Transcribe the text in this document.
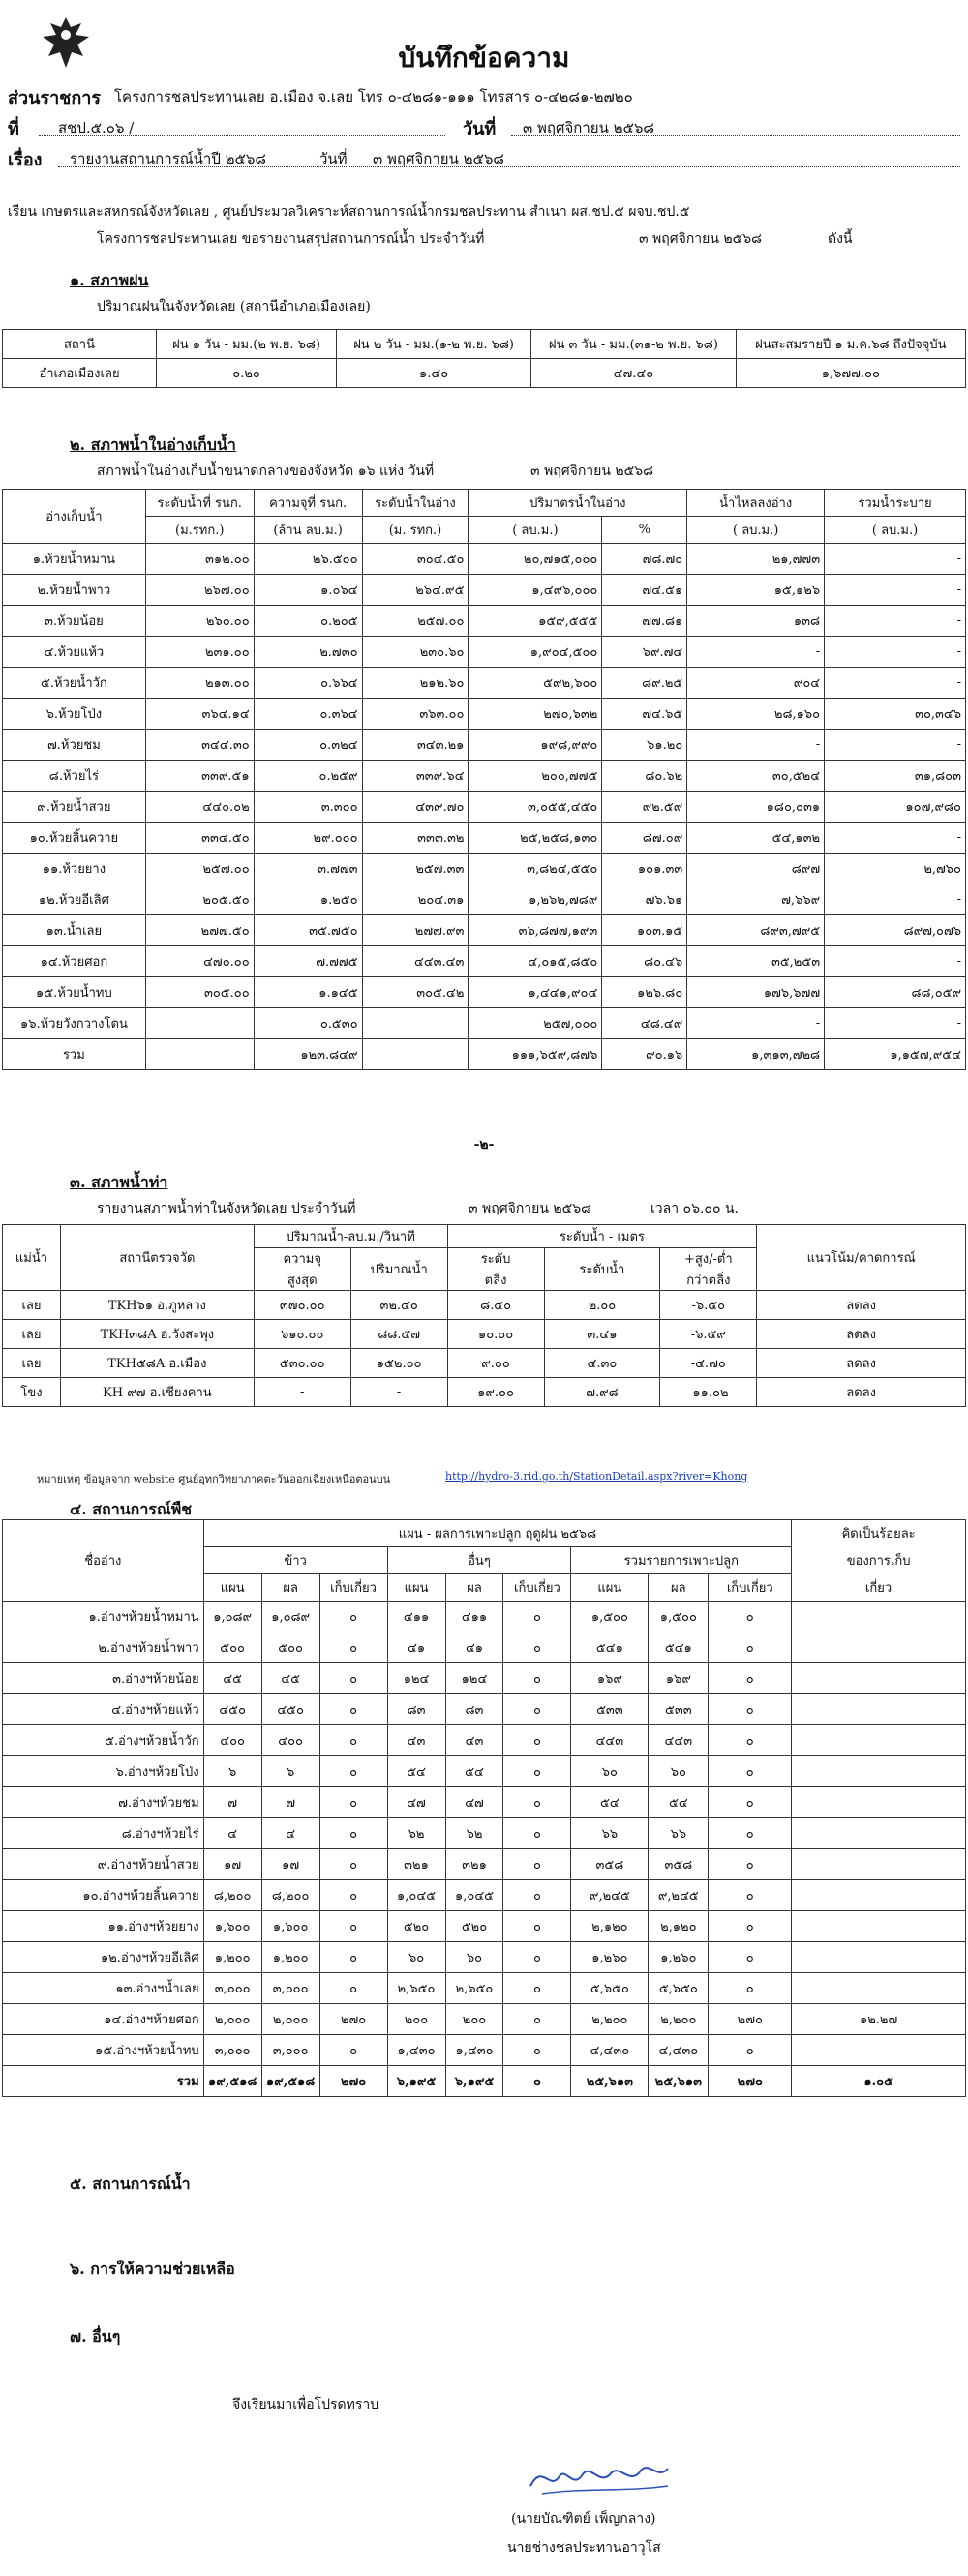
บันทึกข้อความ
ส่วนราชการ โครงการชลประทานเลย อ.เมือง จ.เลย โทร ๐-๔๒๘๑-๑๑๑ โทรสาร ๐-๔๒๘๑-๒๗๒๐
ที่	สชป.๕.๐๖ /	วันที่ ๓ พฤศจิกายน ๒๕๖๘
เรื่อง รายงานสถานการณ์น้ำปี ๒๕๖๘	วันที่ ๓ พฤศจิกายน ๒๕๖๘
เรียน เกษตรและสหกรณ์จังหวัดเลย , ศูนย์ประมวลวิเคราะห์สถานการณ์น้ำกรมชลประทาน สำเนา ผส.ชป.๕ ผจบ.ชป.๕
โครงการชลประทานเลย ขอรายงานสรุปสถานการณ์น้ำ ประจำวันที่	๓ พฤศจิกายน ๒๕๖๘	ดังนี้
๑. สภาพฝน
ปริมาณฝนในจังหวัดเลย (สถานีอำเภอเมืองเลย)
สถานี	ฝน ๑ วัน - มม.(๒ พ.ย. ๖๘)	ฝน ๒ วัน - มม.(๑-๒ พ.ย. ๖๘)	ฝน ๓ วัน - มม.(๓๑-๒ พ.ย. ๖๘)	ฝนสะสมรายปี ๑ ม.ค.๖๘ ถึงปัจจุบัน
อำเภอเมืองเลย	๐.๒๐	๑.๔๐	๔๗.๔๐	๑,๖๗๗.๐๐
๒. สภาพน้ำในอ่างเก็บน้ำ
สภาพน้ำในอ่างเก็บน้ำขนาดกลางของจังหวัด ๑๖ แห่ง วันที่	๓ พฤศจิกายน ๒๕๖๘
อ่างเก็บน้ำ	ระดับน้ำที่ รนก.	ความจุที่ รนก.	ระดับน้ำในอ่าง	ปริมาตรน้ำในอ่าง		น้ำไหลลงอ่าง	รวมน้ำระบาย
	(ม.รทก.)	(ล้าน ลบ.ม.)	(ม. รทก.)	( ลบ.ม.)	%	( ลบ.ม.)	( ลบ.ม.)
๑.ห้วยน้ำหมาน	๓๑๒.๐๐	๒๖.๕๐๐	๓๐๔.๕๐	๒๐,๗๑๕,๐๐๐	๗๘.๗๐	๒๑,๗๗๓	-
๒.ห้วยน้ำพาว	๒๖๗.๐๐	๑.๐๖๔	๒๖๔.๙๕	๑,๔๙๖,๐๐๐	๗๔.๕๑	๑๕,๑๒๖	-
๓.ห้วยน้อย	๒๖๐.๐๐	๐.๒๐๕	๒๕๗.๐๐	๑๕๙,๕๕๕	๗๗.๘๑	๑๓๘	-
๔.ห้วยแห้ว	๒๓๑.๐๐	๒.๗๓๐	๒๓๐.๖๐	๑,๙๐๔,๕๐๐	๖๙.๗๔	-	-
๕.ห้วยน้ำวัก	๒๑๓.๐๐	๐.๖๖๔	๒๑๒.๖๐	๕๙๒,๖๐๐	๘๙.๒๕	๙๐๔	-
๖.ห้วยโป่ง	๓๖๔.๑๔	๐.๓๖๔	๓๖๓.๐๐	๒๗๐,๖๓๒	๗๔.๖๕	๒๘,๑๖๐	๓๐,๓๔๖
๗.ห้วยชม	๓๔๔.๓๐	๐.๓๒๔	๓๔๓.๒๑	๑๙๘,๙๙๐	๖๑.๒๐	-	-
๘.ห้วยไร่	๓๓๙.๕๑	๐.๒๕๙	๓๓๙.๖๔	๒๐๐,๗๗๕	๘๐.๖๒	๓๐,๕๒๔	๓๑,๘๐๓
๙.ห้วยน้ำสวย	๔๔๐.๐๒	๓.๓๐๐	๔๓๙.๗๐	๓,๐๕๕,๔๕๐	๙๒.๕๙	๑๘๐,๐๓๑	๑๐๗,๙๘๐
๑๐.ห้วยลิ้นควาย	๓๓๔.๕๐	๒๙.๐๐๐	๓๓๓.๓๒	๒๕,๒๕๘,๑๓๐	๘๗.๐๙	๕๔,๑๓๒	-
๑๑.ห้วยยาง	๒๕๗.๐๐	๓.๗๗๓	๒๕๗.๓๓	๓,๘๒๔,๕๕๐	๑๐๑.๓๓	๘๙๗	๒,๗๖๐
๑๒.ห้วยอีเลิศ	๒๐๕.๕๐	๑.๒๕๐	๒๐๔.๓๑	๑,๒๖๒,๗๘๙	๗๖.๖๑	๗,๖๖๙	-
๑๓.น้ำเลย	๒๗๗.๕๐	๓๕.๗๕๐	๒๗๗.๙๓	๓๖,๘๗๗,๑๙๓	๑๐๓.๑๕	๘๙๓,๗๙๕	๘๙๗,๐๗๖
๑๔.ห้วยศอก	๔๗๐.๐๐	๗.๗๗๕	๔๔๓.๔๓	๔,๐๑๕,๘๕๐	๘๐.๔๖	๓๕,๒๕๓	-
๑๕.ห้วยน้ำทบ	๓๐๕.๐๐	๑.๑๔๕	๓๐๕.๔๒	๑,๔๔๑,๙๐๔	๑๒๖.๘๐	๑๗๖,๖๗๗	๘๘,๐๕๙
๑๖.ห้วยวังกวางโตน		๐.๕๓๐		๒๕๗,๐๐๐	๔๘.๔๙	-	-
รวม		๑๒๓.๘๔๙		๑๑๑,๖๕๙,๘๗๖	๙๐.๑๖	๑,๓๑๓,๗๒๘	๑,๑๕๗,๙๕๔
-๒-
๓. สภาพน้ำท่า
รายงานสภาพน้ำท่าในจังหวัดเลย ประจำวันที่	๓ พฤศจิกายน ๒๕๖๘	เวลา ๐๖.๐๐ น.
แม่น้ำ	สถานีตรวจวัด	ปริมาณน้ำ-ลบ.ม./วินาที		ระดับน้ำ - เมตร			แนวโน้ม/คาดการณ์
		ความจุ	ปริมาณน้ำ	ระดับ	ระดับน้ำ	+สูง/-ต่ำ	
		สูงสุด		ตลิ่ง		กว่าตลิ่ง	
เลย	TKH๖๑ อ.ภูหลวง	๓๗๐.๐๐	๓๒.๔๐	๘.๕๐	๒.๐๐	-๖.๕๐	ลดลง
เลย	TKH๓๘A อ.วังสะพุง	๖๑๐.๐๐	๘๘.๕๗	๑๐.๐๐	๓.๔๑	-๖.๕๙	ลดลง
เลย	TKH๕๘A อ.เมือง	๕๓๐.๐๐	๑๕๒.๐๐	๙.๐๐	๔.๓๐	-๔.๗๐	ลดลง
โขง	KH ๙๗ อ.เชียงคาน	-	-	๑๙.๐๐	๗.๙๘	-๑๑.๐๒	ลดลง
หมายเหตุ ข้อมูลจาก website ศูนย์อุทกวิทยาภาคตะวันออกเฉียงเหนือตอนบน	http://hydro-3.rid.go.th/StationDetail.aspx?river=Khong
๔. สถานการณ์พืช
ชื่ออ่าง	แผน - ผลการเพาะปลูก ฤดูฝน ๒๕๖๘									คิดเป็นร้อยละ
	ข้าว			อื่นๆ			รวมรายการเพาะปลูก			ของการเก็บ
	แผน	ผล	เก็บเกี่ยว	แผน	ผล	เก็บเกี่ยว	แผน	ผล	เก็บเกี่ยว	เกี่ยว
๑.อ่างฯห้วยน้ำหมาน	๑,๐๘๙	๑,๐๘๙	๐	๔๑๑	๔๑๑	๐	๑,๕๐๐	๑,๕๐๐	๐	
๒.อ่างฯห้วยน้ำพาว	๕๐๐	๕๐๐	๐	๔๑	๔๑	๐	๕๔๑	๕๔๑	๐	
๓.อ่างฯห้วยน้อย	๔๕	๔๕	๐	๑๒๔	๑๒๔	๐	๑๖๙	๑๖๙	๐	
๔.อ่างฯห้วยแห้ว	๔๕๐	๔๕๐	๐	๘๓	๘๓	๐	๕๓๓	๕๓๓	๐	
๕.อ่างฯห้วยน้ำวัก	๔๐๐	๔๐๐	๐	๔๓	๔๓	๐	๔๔๓	๔๔๓	๐	
๖.อ่างฯห้วยโป่ง	๖	๖	๐	๕๔	๕๔	๐	๖๐	๖๐	๐	
๗.อ่างฯห้วยชม	๗	๗	๐	๔๗	๔๗	๐	๕๔	๕๔	๐	
๘.อ่างฯห้วยไร่	๔	๔	๐	๖๒	๖๒	๐	๖๖	๖๖	๐	
๙.อ่างฯห้วยน้ำสวย	๑๗	๑๗	๐	๓๒๑	๓๒๑	๐	๓๕๘	๓๕๘	๐	
๑๐.อ่างฯห้วยลิ้นควาย	๘,๒๐๐	๘,๒๐๐	๐	๑,๐๔๕	๑,๐๔๕	๐	๙,๒๔๕	๙,๒๔๕	๐	
๑๑.อ่างฯห้วยยาง	๑,๖๐๐	๑,๖๐๐	๐	๕๒๐	๕๒๐	๐	๒,๑๒๐	๒,๑๒๐	๐	
๑๒.อ่างฯห้วยอีเลิศ	๑,๒๐๐	๑,๒๐๐	๐	๖๐	๖๐	๐	๑,๒๖๐	๑,๒๖๐	๐	
๑๓.อ่างฯน้ำเลย	๓,๐๐๐	๓,๐๐๐	๐	๒,๖๕๐	๒,๖๕๐	๐	๕,๖๕๐	๕,๖๕๐	๐	
๑๔.อ่างฯห้วยศอก	๒,๐๐๐	๒,๐๐๐	๒๗๐	๒๐๐	๒๐๐	๐	๒,๒๐๐	๒,๒๐๐	๒๗๐	๑๒.๒๗
๑๕.อ่างฯห้วยน้ำทบ	๓,๐๐๐	๓,๐๐๐	๐	๑,๔๓๐	๑,๔๓๐	๐	๔,๔๓๐	๔,๔๓๐	๐	
รวม	๑๙,๕๑๘	๑๙,๕๑๘	๒๗๐	๖,๑๙๕	๖,๑๙๕	๐	๒๕,๖๑๓	๒๕,๖๑๓	๒๗๐	๑.๐๕
๕. สถานการณ์น้ำ
๖. การให้ความช่วยเหลือ
๗. อื่นๆ
จึงเรียนมาเพื่อโปรดทราบ
(นายบัณฑิตย์ เพ็ญกลาง)
นายช่างชลประทานอาวุโส
